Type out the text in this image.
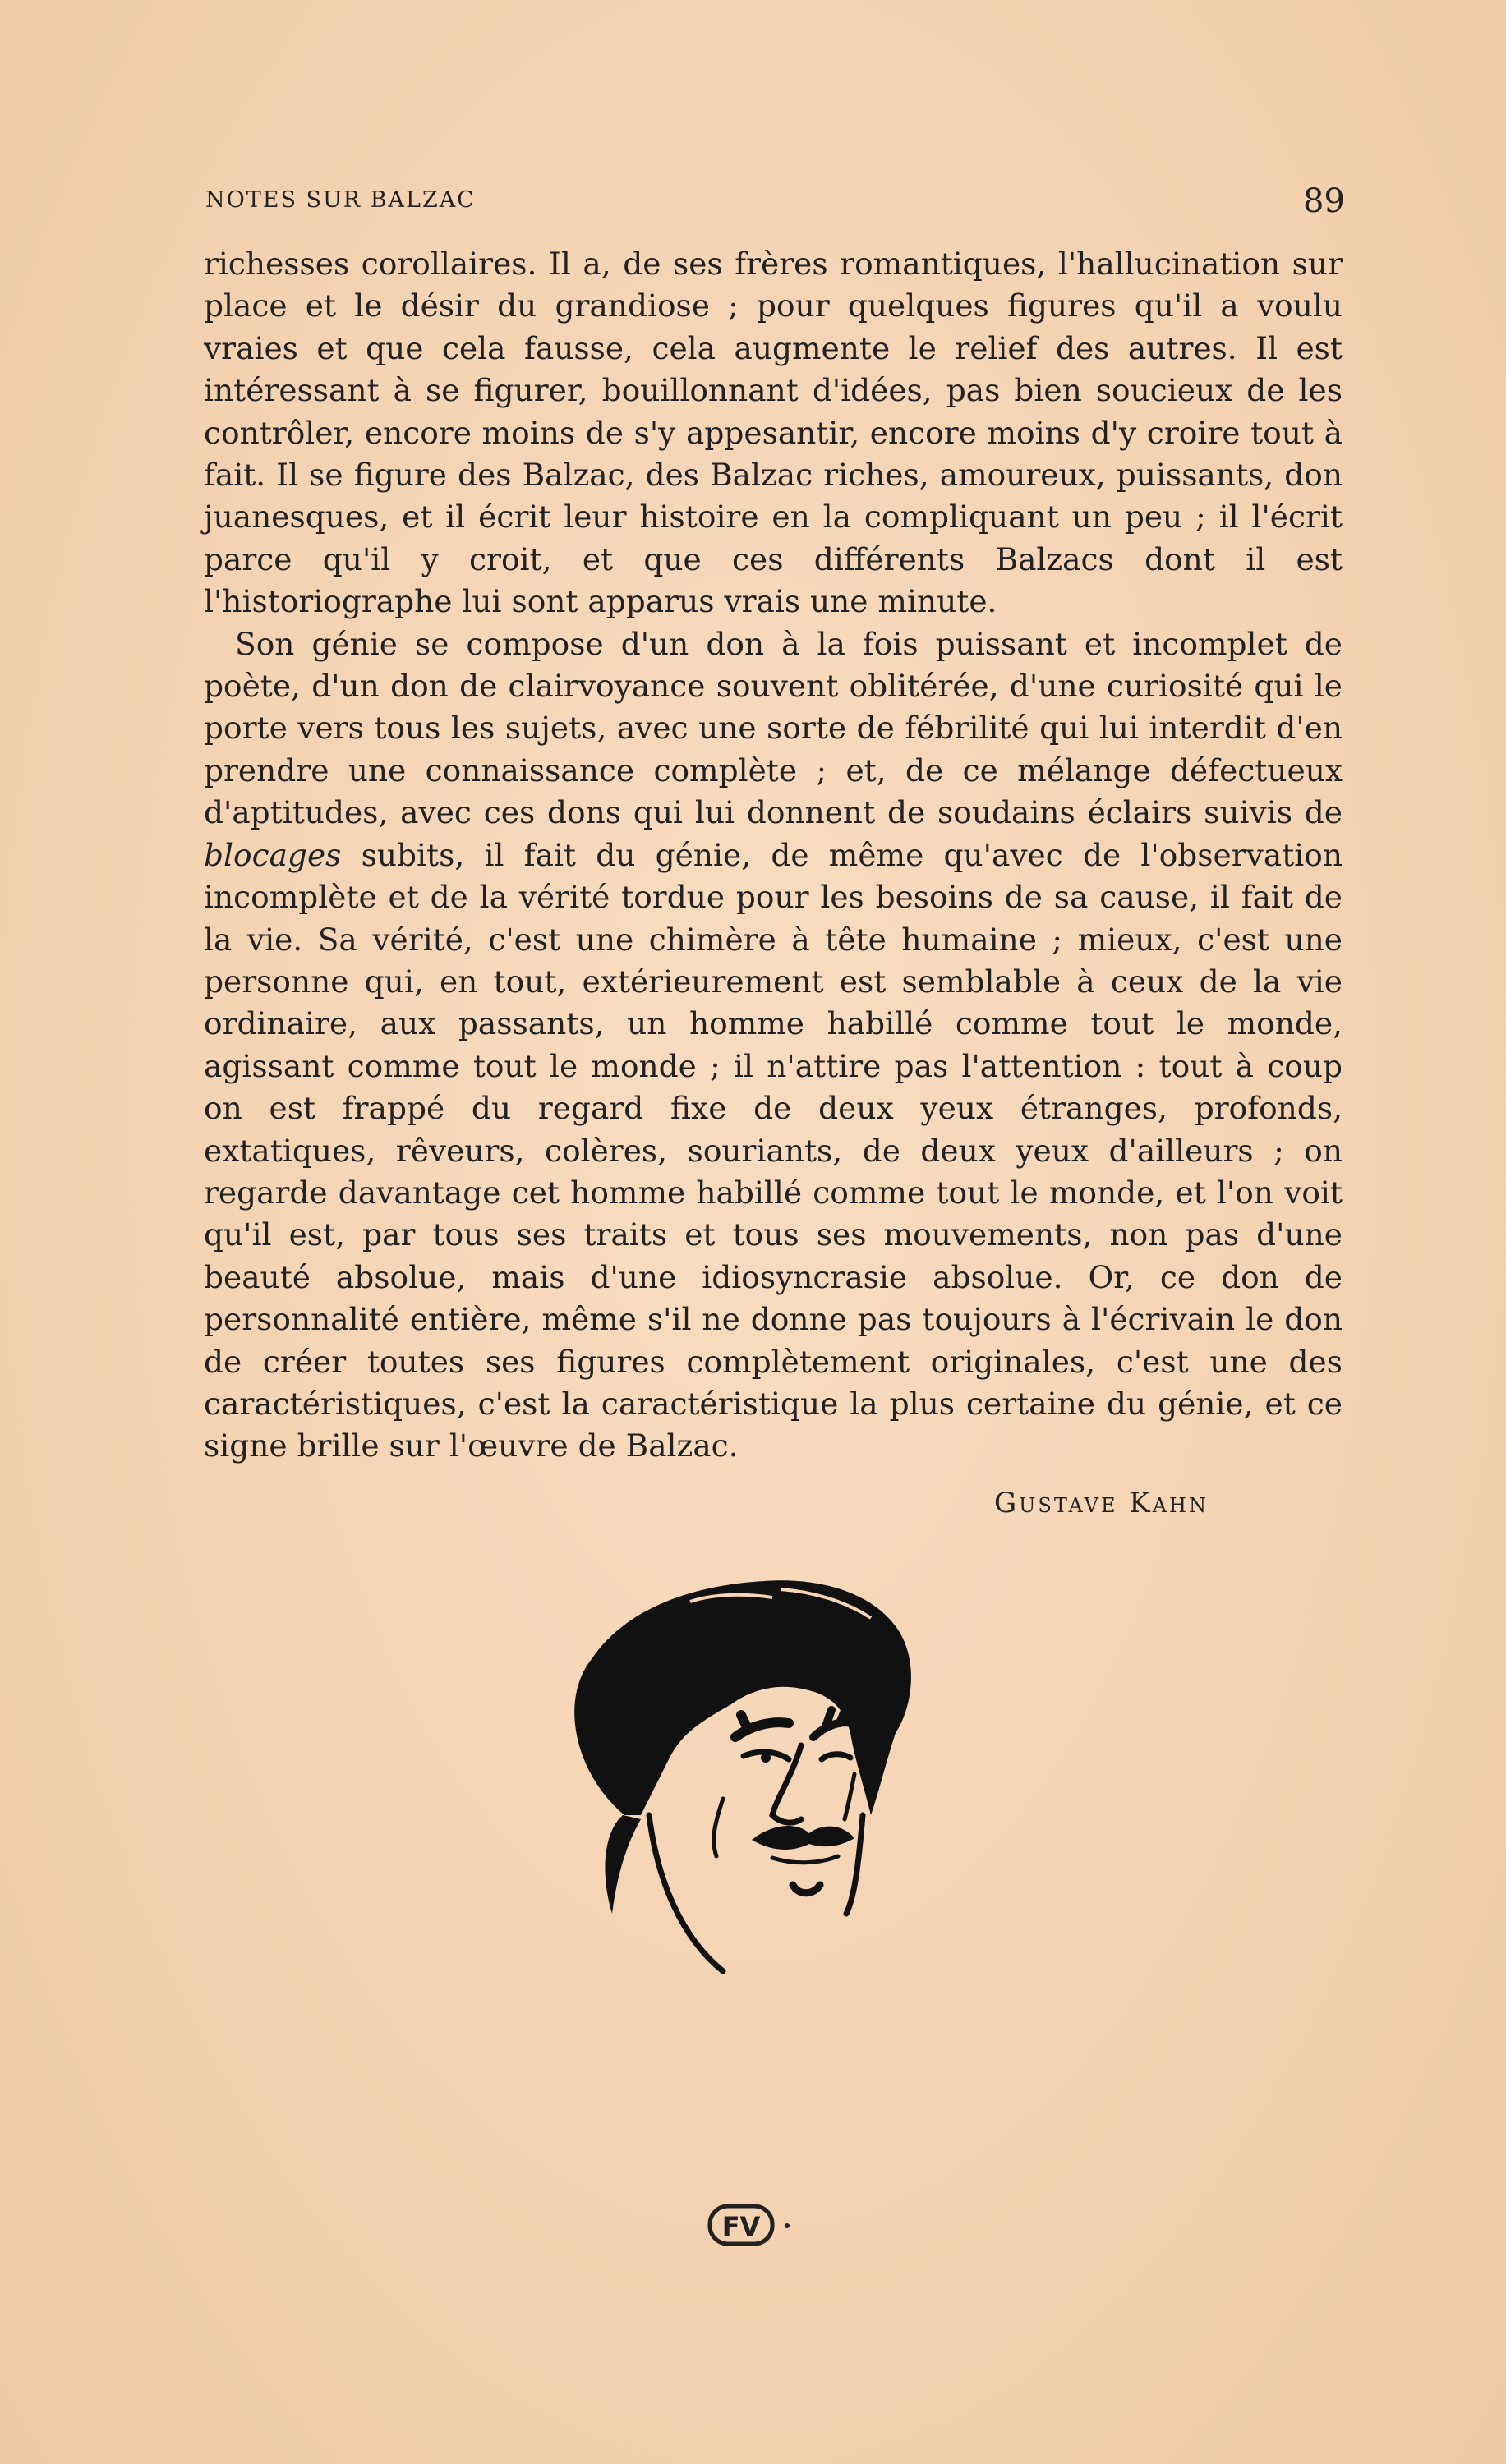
NOTES SUR BALZAC	89

richesses corollaires. Il a, de ses frères romantiques, l'hallucination sur place et le désir du grandiose ; pour quelques figures qu'il a voulu vraies et que cela fausse, cela augmente le relief des autres. Il est intéressant à se figurer, bouillonnant d'idées, pas bien soucieux de les contrôler, encore moins de s'y appesantir, encore moins d'y croire tout à fait. Il se figure des Balzac, des Balzac riches, amoureux, puissants, don juanesques, et il écrit leur histoire en la compliquant un peu ; il l'écrit parce qu'il y croit, et que ces différents Balzacs dont il est l'historiographe lui sont apparus vrais une minute.

Son génie se compose d'un don à la fois puissant et incomplet de poète, d'un don de clairvoyance souvent oblitérée, d'une curiosité qui le porte vers tous les sujets, avec une sorte de fébrilité qui lui interdit d'en prendre une connaissance complète ; et, de ce mélange défectueux d'aptitudes, avec ces dons qui lui donnent de soudains éclairs suivis de blocages subits, il fait du génie, de même qu'avec de l'observation incomplète et de la vérité tordue pour les besoins de sa cause, il fait de la vie. Sa vérité, c'est une chimère à tête humaine ; mieux, c'est une personne qui, en tout, extérieurement est semblable à ceux de la vie ordinaire, aux passants, un homme habillé comme tout le monde, agissant comme tout le monde ; il n'attire pas l'attention : tout à coup on est frappé du regard fixe de deux yeux étranges, profonds, extatiques, rêveurs, colères, souriants, de deux yeux d'ailleurs ; on regarde davantage cet homme habillé comme tout le monde, et l'on voit qu'il est, par tous ses traits et tous ses mouvements, non pas d'une beauté absolue, mais d'une idiosyncrasie absolue. Or, ce don de personnalité entière, même s'il ne donne pas toujours à l'écrivain le don de créer toutes ses figures complètement originales, c'est une des caractéristiques, c'est la caractéristique la plus certaine du génie, et ce signe brille sur l'œuvre de Balzac.

Gustave Kahn
FV
